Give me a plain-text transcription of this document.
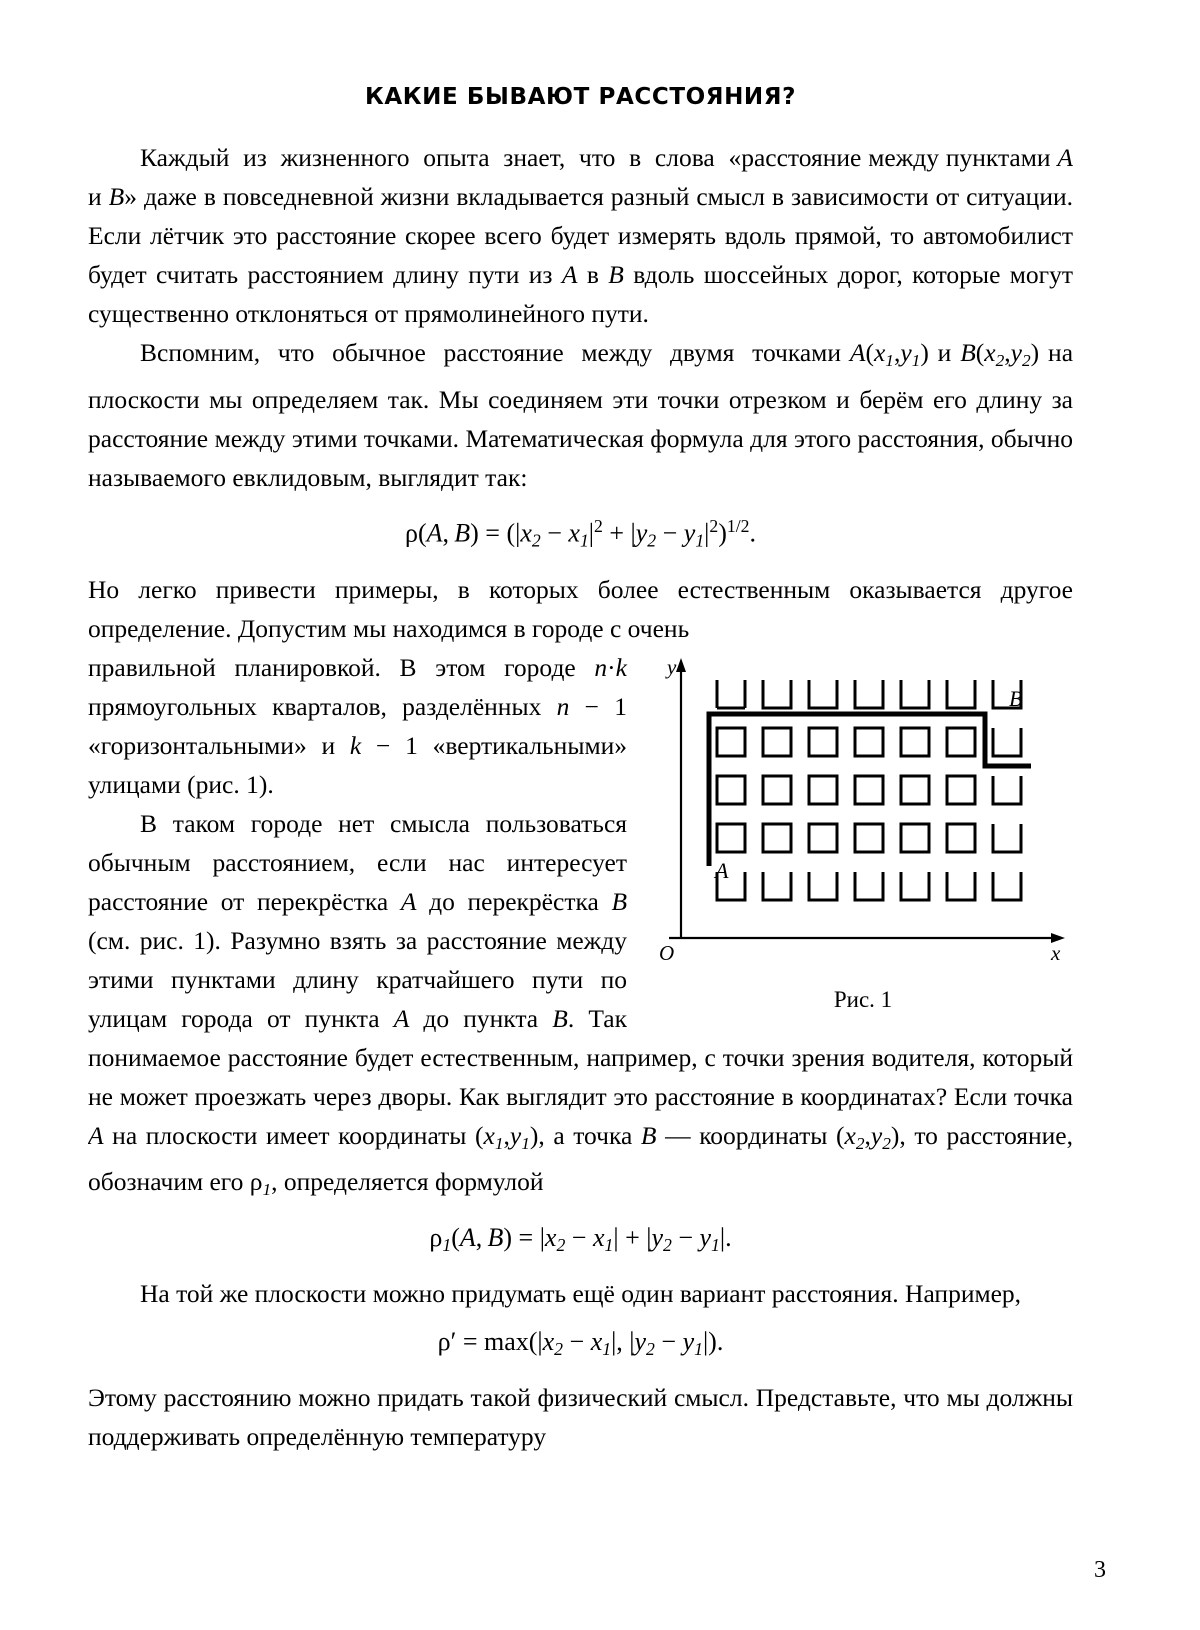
КАКИЕ БЫВАЮТ РАССТОЯНИЯ?

Каждый  из  жизненного  опыта  знает,  что  в  слова  «расстояние между пунктами A и B» даже в повседневной жизни вкладывается разный смысл в зависимости от ситуации. Если лётчик это расстояние скорее всего будет измерять вдоль прямой, то автомобилист будет считать расстоянием длину пути из A в B вдоль шоссейных дорог, которые могут существенно отклоняться от прямолинейного пути.

Вспомним,  что  обычное  расстояние  между  двумя  точками $A(x_1,y_1)$ и $B(x_2,y_2)$ на плоскости мы определяем так. Мы соединяем эти точки отрезком и берём его длину за расстояние между этими точками. Математическая формула для этого расстояния, обычно называемого евклидовым, выглядит так:

ρ(A, $B) = (|x_2 - x_1|^2 + |y_2 - y_1|^2)^{1/2}$.

Но легко привести примеры, в которых более естественным оказывается другое определение. Допустим мы находимся в городе с очень

y
x
O
A
B
Рис. 1

правильной планировкой. В этом городе n·k прямоугольных кварталов, разделённых n − 1 «горизонтальными» и k − 1 «вертикальными» улицами (рис. 1).

В таком городе нет смысла пользоваться обычным расстоянием, если нас интересует расстояние от перекрёстка A до перекрёстка B (см. рис. 1). Разумно взять за расстояние между этими пунктами длину кратчайшего пути по улицам города от пункта A до пункта B. Так понимаемое расстояние будет естественным, например, с точки зрения водителя, который не может проезжать через дворы. Как выглядит это расстояние в координатах? Если точка A на плоскости имеет координаты $(x_1,y_1)$, а точка B — координаты $(x_2,y_2)$, то расстояние, обозначим его $\rho_1$, определяется формулой

$\rho_1(A$, $B) = |x_2 - x_1| + |y_2 - y_1|$.

На той же плоскости можно придумать ещё один вариант расстояния. Например,

$\rho' = \max(|x_2 - x_1|$, $|y_2 - y_1|$).

Этому расстоянию можно придать такой физический смысл. Представьте, что мы должны поддерживать определённую температуру

3
